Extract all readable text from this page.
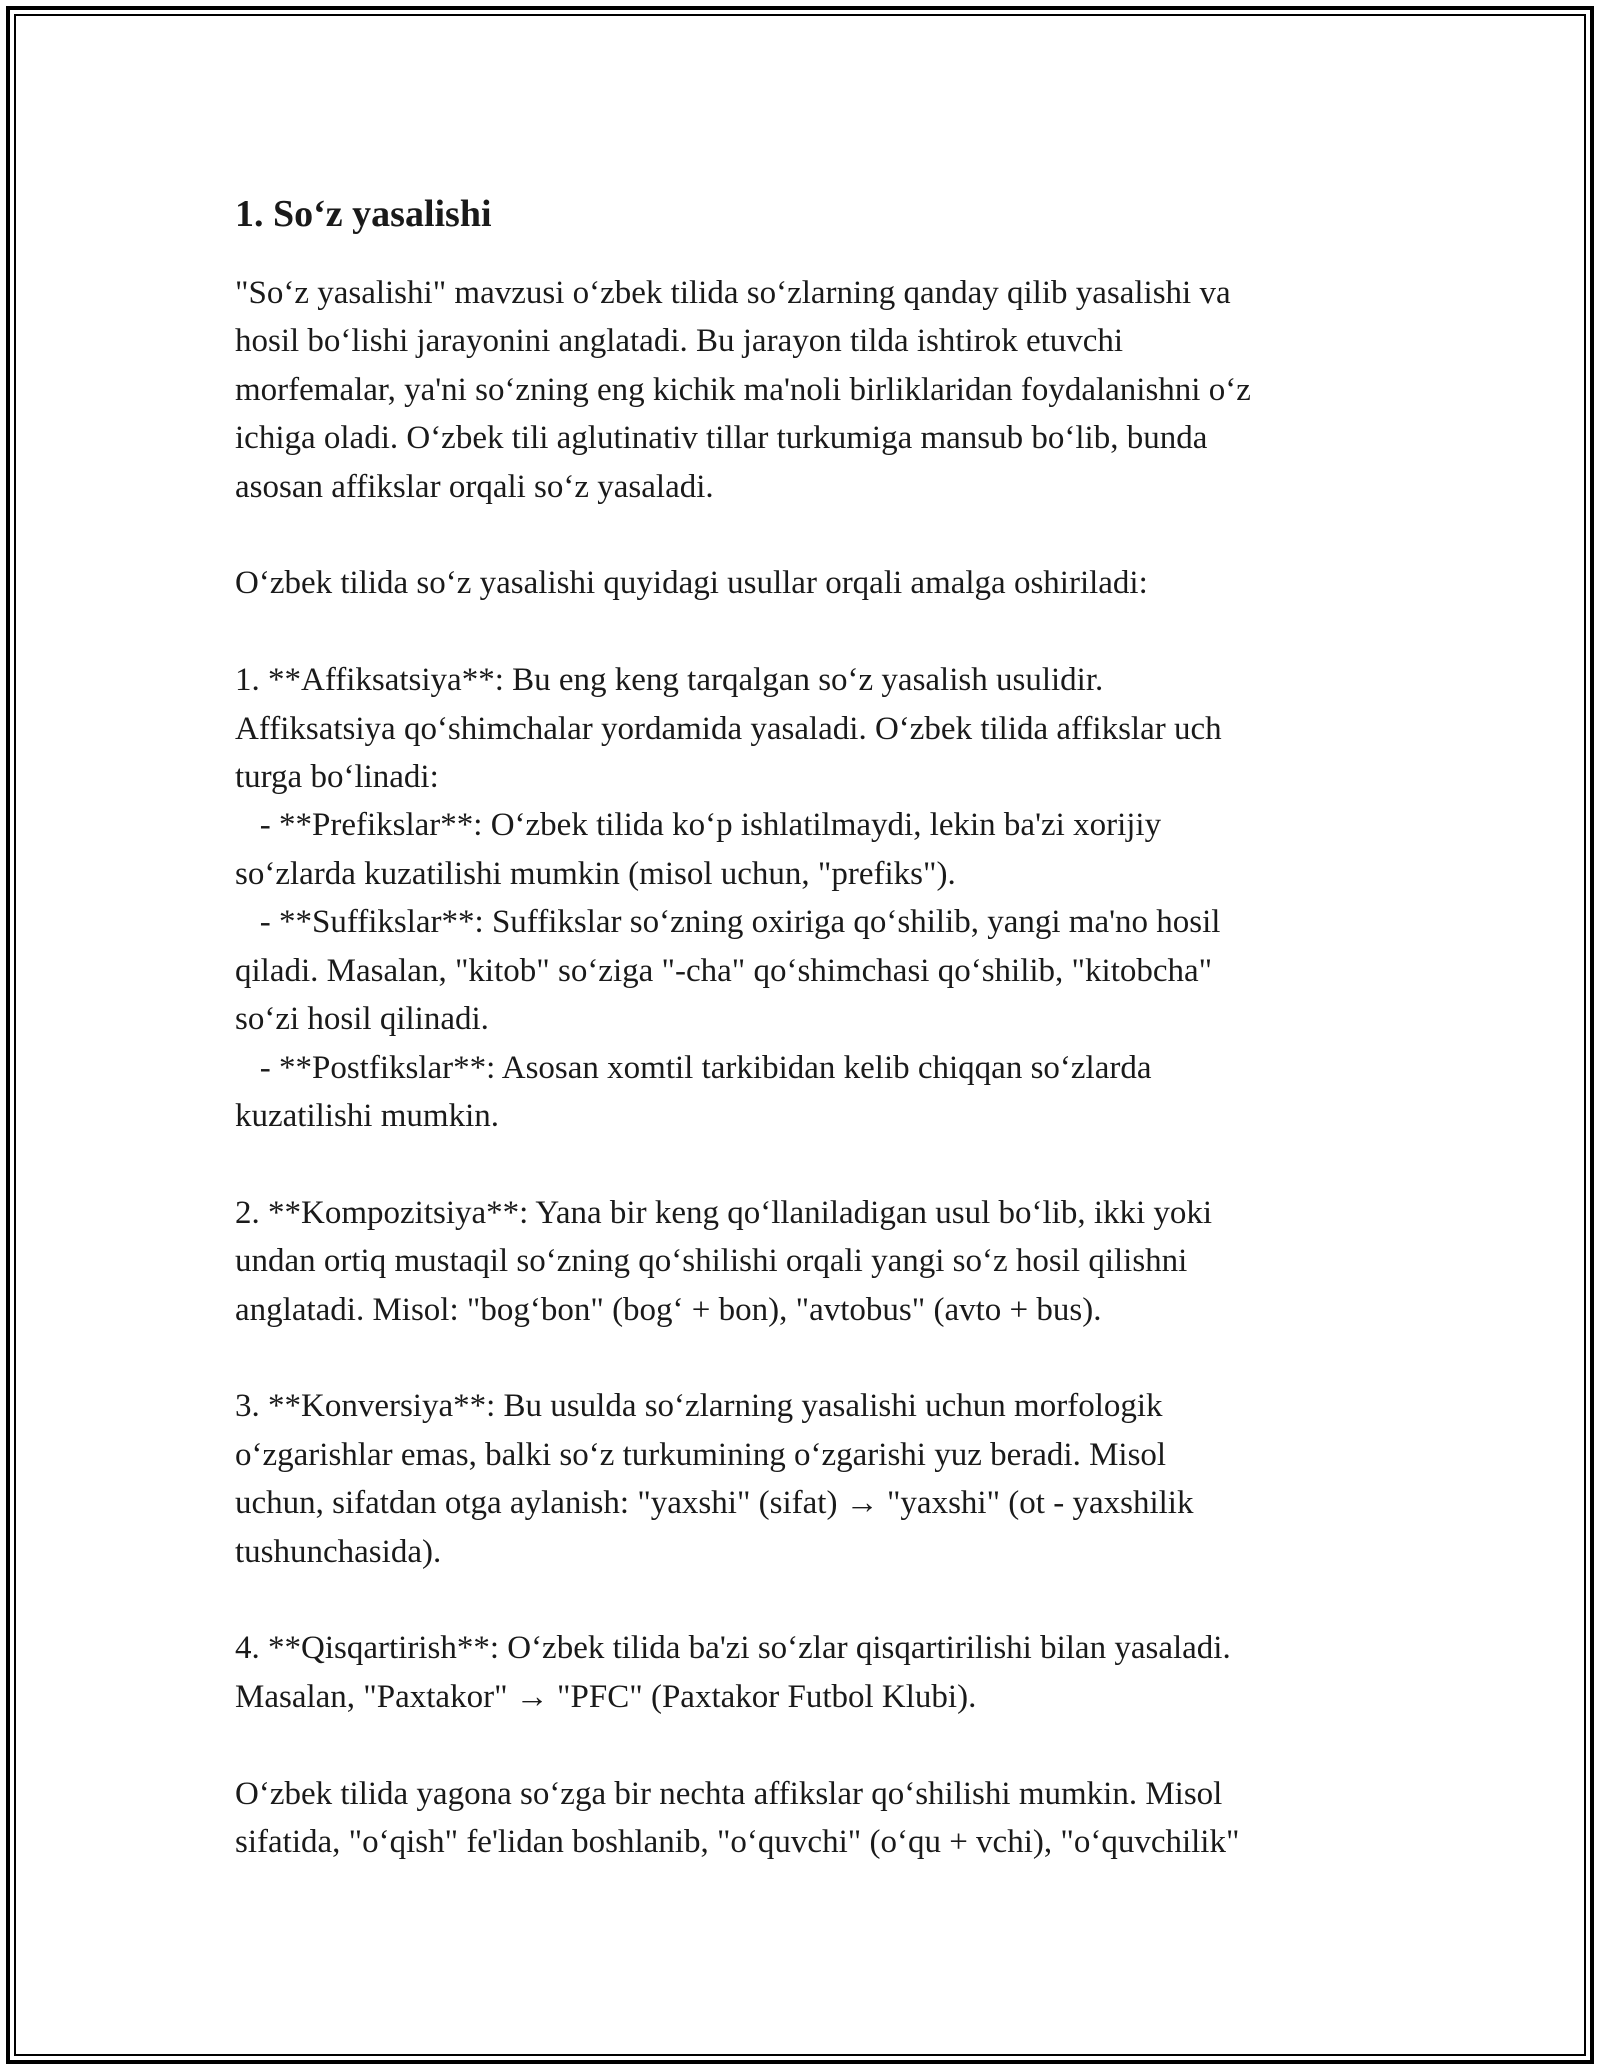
1. So‘z yasalishi

"So‘z yasalishi" mavzusi o‘zbek tilida so‘zlarning qanday qilib yasalishi va
hosil bo‘lishi jarayonini anglatadi. Bu jarayon tilda ishtirok etuvchi
morfemalar, ya'ni so‘zning eng kichik ma'noli birliklaridan foydalanishni o‘z
ichiga oladi. O‘zbek tili aglutinativ tillar turkumiga mansub bo‘lib, bunda
asosan affikslar orqali so‘z yasaladi.

O‘zbek tilida so‘z yasalishi quyidagi usullar orqali amalga oshiriladi:

1. **Affiksatsiya**: Bu eng keng tarqalgan so‘z yasalish usulidir.
Affiksatsiya qo‘shimchalar yordamida yasaladi. O‘zbek tilida affikslar uch
turga bo‘linadi:
- **Prefikslar**: O‘zbek tilida ko‘p ishlatilmaydi, lekin ba'zi xorijiy
so‘zlarda kuzatilishi mumkin (misol uchun, "prefiks").
- **Suffikslar**: Suffikslar so‘zning oxiriga qo‘shilib, yangi ma'no hosil
qiladi. Masalan, "kitob" so‘ziga "-cha" qo‘shimchasi qo‘shilib, "kitobcha"
so‘zi hosil qilinadi.
- **Postfikslar**: Asosan xomtil tarkibidan kelib chiqqan so‘zlarda
kuzatilishi mumkin.

2. **Kompozitsiya**: Yana bir keng qo‘llaniladigan usul bo‘lib, ikki yoki
undan ortiq mustaqil so‘zning qo‘shilishi orqali yangi so‘z hosil qilishni
anglatadi. Misol: "bog‘bon" (bog‘ + bon), "avtobus" (avto + bus).

3. **Konversiya**: Bu usulda so‘zlarning yasalishi uchun morfologik
o‘zgarishlar emas, balki so‘z turkumining o‘zgarishi yuz beradi. Misol
uchun, sifatdan otga aylanish: "yaxshi" (sifat) → "yaxshi" (ot - yaxshilik
tushunchasida).

4. **Qisqartirish**: O‘zbek tilida ba'zi so‘zlar qisqartirilishi bilan yasaladi.
Masalan, "Paxtakor" → "PFC" (Paxtakor Futbol Klubi).

O‘zbek tilida yagona so‘zga bir nechta affikslar qo‘shilishi mumkin. Misol
sifatida, "o‘qish" fe'lidan boshlanib, "o‘quvchi" (o‘qu + vchi), "o‘quvchilik"
